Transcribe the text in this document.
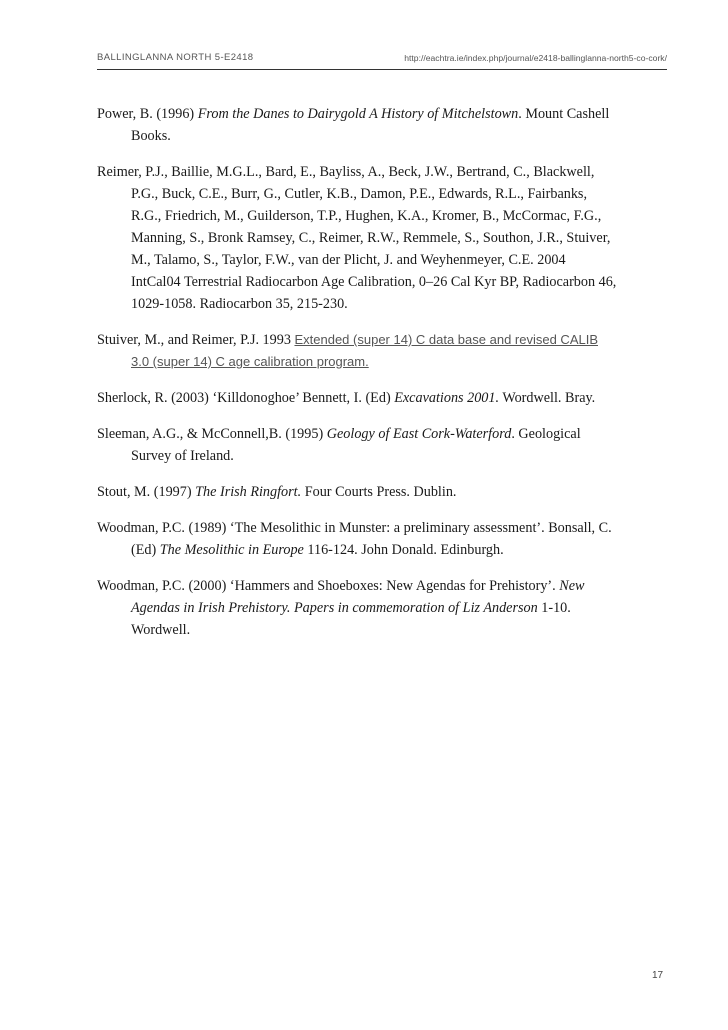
BALLINGLANNA NORTH 5-E2418	http://eachtra.ie/index.php/journal/e2418-ballinglanna-north5-co-cork/

Power, B. (1996) From the Danes to Dairygold A History of Mitchelstown. Mount Cashell Books.

Reimer, P.J., Baillie, M.G.L., Bard, E., Bayliss, A., Beck, J.W., Bertrand, C., Blackwell, P.G., Buck, C.E., Burr, G., Cutler, K.B., Damon, P.E., Edwards, R.L., Fairbanks, R.G., Friedrich, M., Guilderson, T.P., Hughen, K.A., Kromer, B., McCormac, F.G., Manning, S., Bronk Ramsey, C., Reimer, R.W., Remmele, S., Southon, J.R., Stuiver, M., Talamo, S., Taylor, F.W., van der Plicht, J. and Weyhenmeyer, C.E. 2004 IntCal04 Terrestrial Radiocarbon Age Calibration, 0–26 Cal Kyr BP, Radiocarbon 46, 1029-1058. Radiocarbon 35, 215-230.

Stuiver, M., and Reimer, P.J. 1993 Extended (super 14) C data base and revised CALIB 3.0 (super 14) C age calibration program.

Sherlock, R. (2003) ‘Killdonoghoe’ Bennett, I. (Ed) Excavations 2001. Wordwell. Bray.

Sleeman, A.G., & McConnell,B. (1995) Geology of East Cork-Waterford. Geological Survey of Ireland.

Stout, M. (1997) The Irish Ringfort. Four Courts Press. Dublin.

Woodman, P.C. (1989) ‘The Mesolithic in Munster: a preliminary assessment’. Bonsall, C. (Ed) The Mesolithic in Europe 116-124. John Donald. Edinburgh.

Woodman, P.C. (2000) ‘Hammers and Shoeboxes: New Agendas for Prehistory’. New Agendas in Irish Prehistory. Papers in commemoration of Liz Anderson 1-10. Wordwell.

17
